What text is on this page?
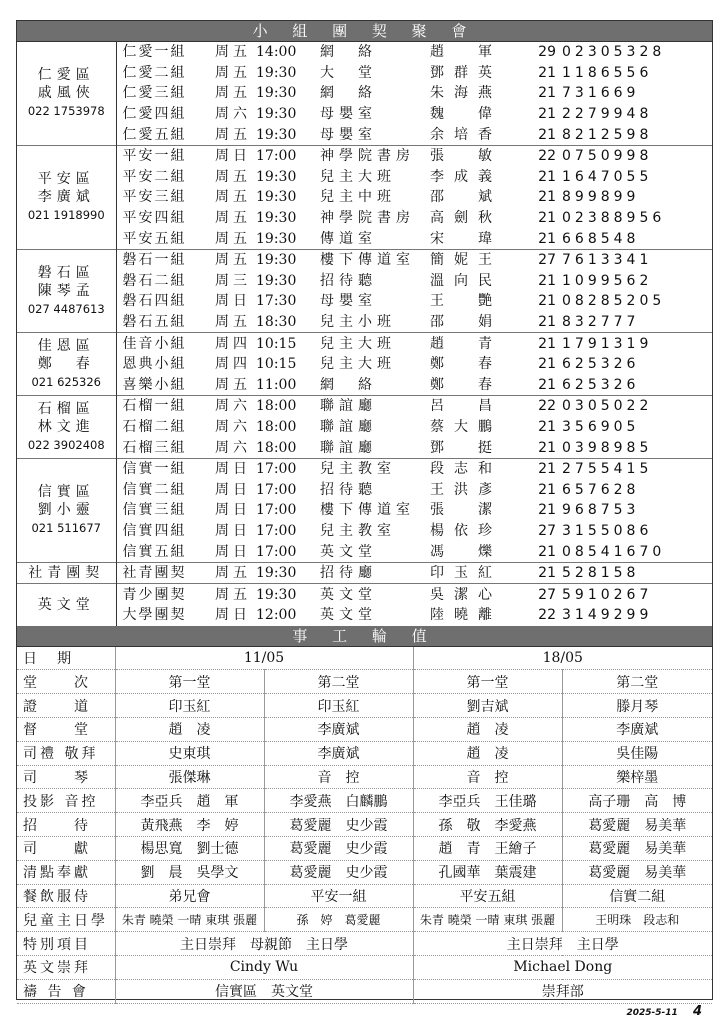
小 組 團 契 聚 會
仁愛區
戚風俠
022 1753978	仁愛一組	周五	14:00	網　絡	趙　軍	29	02305328
	仁愛二組	周五	19:30	大　堂	鄧群英	21	1186556
	仁愛三組	周五	19:30	網　絡	朱海燕	21	731669
	仁愛四組	周六	19:30	母嬰室	魏　偉	21	2279948
	仁愛五組	周五	19:30	母嬰室	余培香	21	8212598

平安區
李廣斌
021 1918990	平安一組	周日	17:00	神學院書房	張　敏	22	0750998
	平安二組	周五	19:30	兒主大班	李成義	21	1647055
	平安三組	周五	19:30	兒主中班	邵　斌	21	899899
	平安四組	周五	19:30	神學院書房	高劍秋	21	02388956
	平安五組	周五	19:30	傳道室	宋　瑋	21	668548

磐石區
陳琴孟
027 4487613	磐石一組	周五	19:30	樓下傳道室	簡妮王	27	7613341
	磐石二組	周三	19:30	招待聽	溫向民	21	1099562
	磐石四組	周日	17:30	母嬰室	王　艷	21	08285205
	磐石五組	周五	18:30	兒主小班	邵　娟	21	832777

佳恩區
鄭　春
021 625326	佳音小組	周四	10:15	兒主大班	趙　青	21	1791319
	恩典小組	周四	10:15	兒主大班	鄭　春	21	625326
	喜樂小組	周五	11:00	網　絡	鄭　春	21	625326

石榴區
林文進
022 3902408	石榴一組	周六	18:00	聯誼廳	呂　昌	22	0305022
	石榴二組	周六	18:00	聯誼廳	蔡大鵬	21	356905
	石榴三組	周六	18:00	聯誼廳	鄧　挺	21	0398985

信實區
劉小靈
021 511677	信實一組	周日	17:00	兒主教室	段志和	21	2755415
	信實二組	周日	17:00	招待聽	王洪彥	21	657628
	信實三組	周日	17:00	樓下傳道室	張　潔	21	968753
	信實四組	周日	17:00	兒主教室	楊依珍	27	3155086
	信實五組	周日	17:00	英文堂	馮　爍	21	08541670

社青團契	社青團契	周五	19:30	招待廳	印玉紅	21	528158

英文堂	青少團契	周五	19:30	英文堂	吳潔心	27	5910267
	大學團契	周日	12:00	英文堂	陸曉離	22	3149299
事 工 輪 值
日　期	11/05		18/05	
堂　　次	第一堂	第二堂	第一堂	第二堂
證　　道	印玉紅	印玉紅	劉吉斌	滕月琴
督　　堂	趙　凌	李廣斌	趙　凌	李廣斌
司禮 敬拜	史東琪	李廣斌	趙　凌	吳佳陽
司　　琴	張傑琳	音　控	音　控	樂梓墨
投影 音控	李亞兵　趙　軍	李愛燕　白麟鵬	李亞兵　王佳璐	高子珊　高　博
招　　待	黃飛燕　李　婷	葛愛麗　史少霞	孫　敬　李愛燕	葛愛麗　易美華
司　　獻	楊思寬　劉士德	葛愛麗　史少霞	趙　青　王繪子	葛愛麗　易美華
清點奉獻	劉　晨　吳學文	葛愛麗　史少霞	孔國華　葉震建	葛愛麗　易美華
餐飲服侍	弟兄會	平安一組	平安五組	信實二組
兒童主日學	朱青 曉榮 一晴 東琪 張麗	孫　婷　葛愛麗	朱青 曉榮 一晴 東琪 張麗	王明珠　段志和
特別項目	主日崇拜　母親節　主日學		主日崇拜　主日學	
英文崇拜	Cindy Wu		Michael Dong	
禱 告 會	信實區　英文堂		崇拜部	
2025-5-11 4
